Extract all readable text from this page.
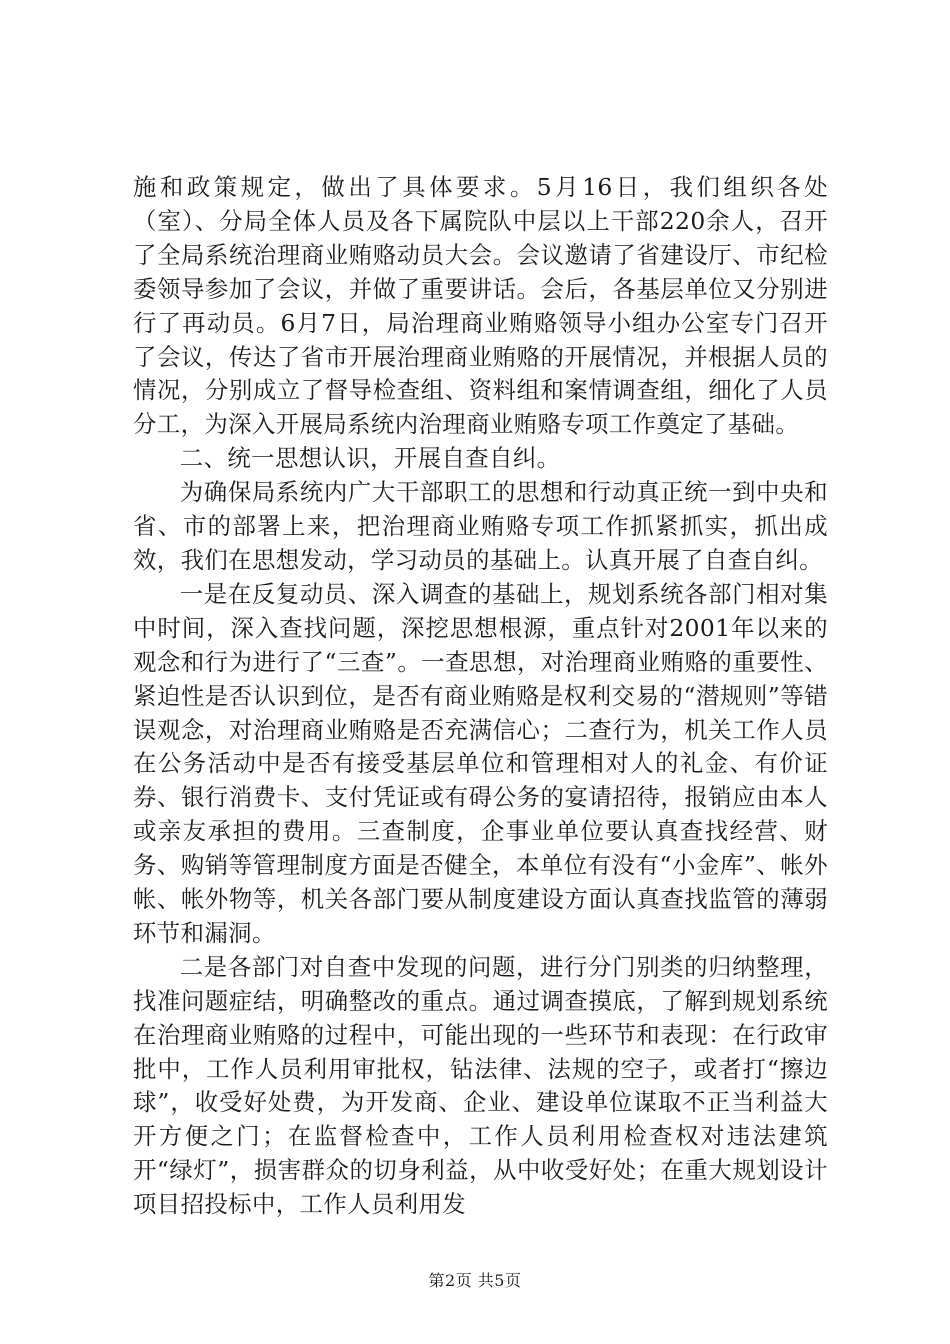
施和政策规定，做出了具体要求。5月16日，我们组织各处（室）、分局全体人员及各下属院队中层以上干部220余人，召开了全局系统治理商业贿赂动员大会。会议邀请了省建设厅、市纪检委领导参加了会议，并做了重要讲话。会后，各基层单位又分别进行了再动员。6月7日，局治理商业贿赂领导小组办公室专门召开了会议，传达了省市开展治理商业贿赂的开展情况，并根据人员的情况，分别成立了督导检查组、资料组和案情调查组，细化了人员分工，为深入开展局系统内治理商业贿赂专项工作奠定了基础。

二、统一思想认识，开展自查自纠。

为确保局系统内广大干部职工的思想和行动真正统一到中央和省、市的部署上来，把治理商业贿赂专项工作抓紧抓实，抓出成效，我们在思想发动，学习动员的基础上。认真开展了自查自纠。

一是在反复动员、深入调查的基础上，规划系统各部门相对集中时间，深入查找问题，深挖思想根源，重点针对2001年以来的观念和行为进行了“三查”。一查思想，对治理商业贿赂的重要性、紧迫性是否认识到位，是否有商业贿赂是权利交易的“潜规则”等错误观念，对治理商业贿赂是否充满信心；二查行为，机关工作人员在公务活动中是否有接受基层单位和管理相对人的礼金、有价证券、银行消费卡、支付凭证或有碍公务的宴请招待，报销应由本人或亲友承担的费用。三查制度，企事业单位要认真查找经营、财务、购销等管理制度方面是否健全，本单位有没有“小金库”、帐外帐、帐外物等，机关各部门要从制度建设方面认真查找监管的薄弱环节和漏洞。

二是各部门对自查中发现的问题，进行分门别类的归纳整理，找准问题症结，明确整改的重点。通过调查摸底，了解到规划系统在治理商业贿赂的过程中，可能出现的一些环节和表现：在行政审批中，工作人员利用审批权，钻法律、法规的空子，或者打“擦边球”，收受好处费，为开发商、企业、建设单位谋取不正当利益大开方便之门；在监督检查中，工作人员利用检查权对违法建筑开“绿灯”，损害群众的切身利益，从中收受好处；在重大规划设计项目招投标中，工作人员利用发

第2页 共5页
